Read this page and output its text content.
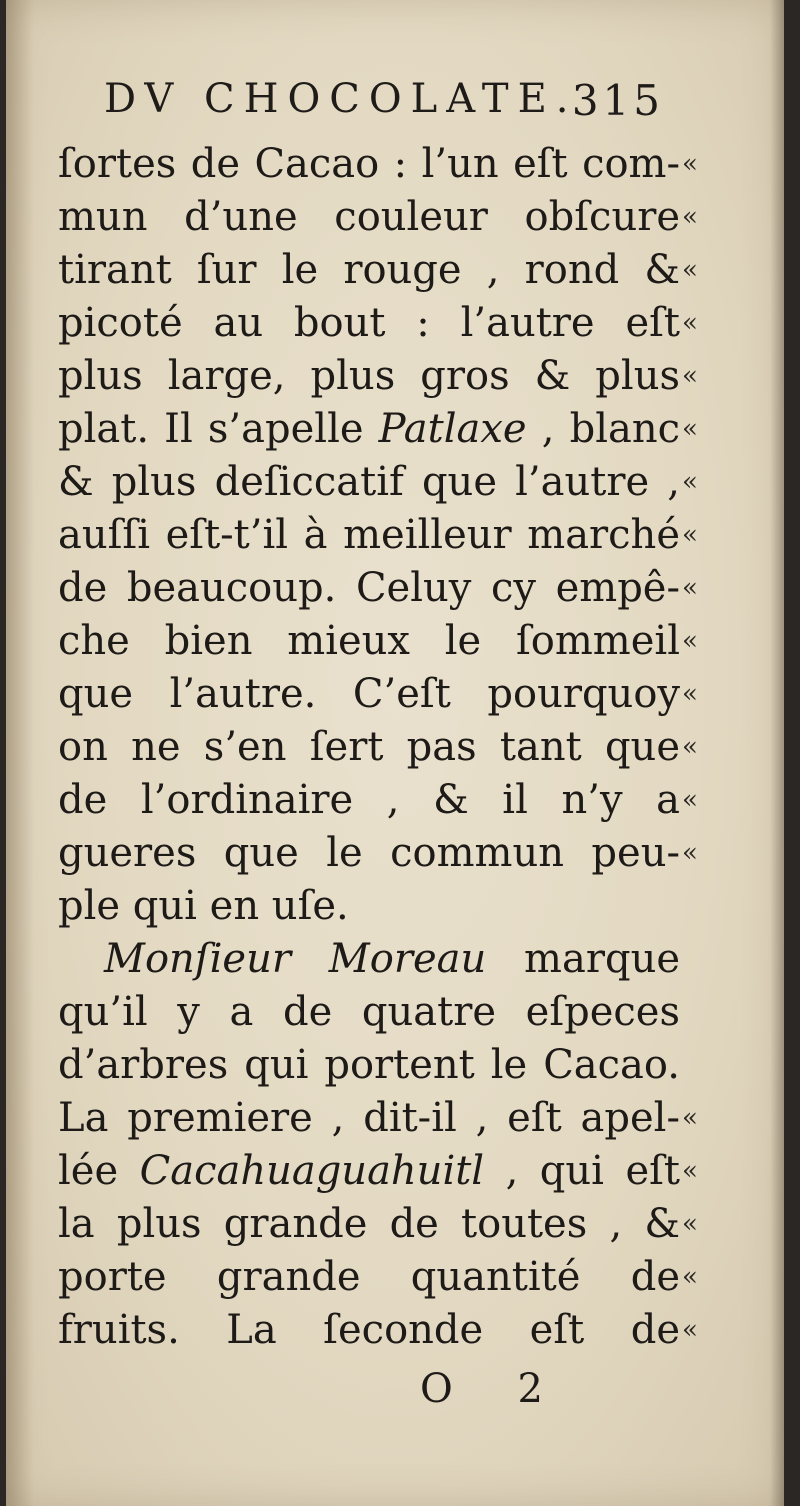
DV CHOCOLATE.
315
ſortes de Cacao : l’un eſt com- «
mun d’une couleur obſcure «
tirant ſur le rouge , rond & «
picoté au bout : l’autre eſt «
plus large, plus gros & plus «
plat. Il s’apelle Patlaxe , blanc «
& plus deſiccatif que l’autre , «
auſſi eſt-t’il à meilleur marché «
de beaucoup. Celuy cy empê- «
che bien mieux le ſommeil «
que l’autre. C’eſt pourquoy «
on ne s’en ſert pas tant que «
de l’ordinaire , & il n’y a «
gueres que le commun peu- «
ple qui en uſe.
Monſieur Moreau marque
qu’il y a de quatre eſpeces
d’arbres qui portent le Cacao.
La premiere , dit-il , eſt apel- «
lée Cacahuaguahuitl , qui eſt «
la plus grande de toutes , & «
porte grande quantité de «
fruits. La ſeconde eſt de «
O 2
